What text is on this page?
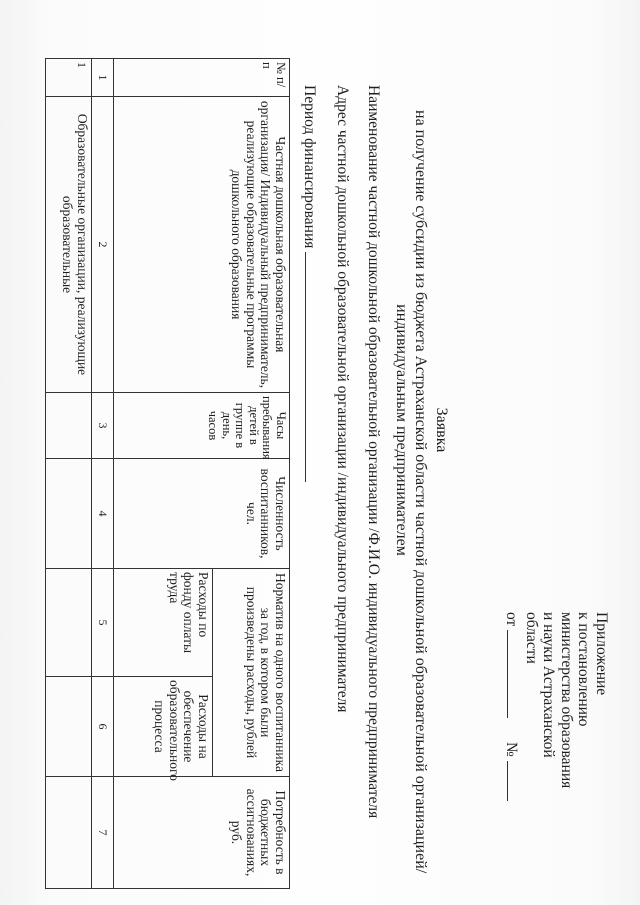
Приложение
к постановлению
министерства образования
и науки Астраханской
области
от   №
Заявка
на получение субсидии из бюджета Астраханской области частной дошкольной образовательной организацией/
индивидуальным предпринимателем
Наименование частной дошкольной образовательной организации /Ф.И.О. индивидуального предпринимателя
Адрес частной дошкольной образовательной организации /индивидуального предпринимателя
Период финансирования
№ п/п	Частная дошкольная образовательная организация/ Индивидуальный предприниматель, реализующие образовательные программы дошкольного образования	Часы пребывания детей в группе в день, часов	Численность воспитанников, чел.	Норматив на одного воспитанника за год, в котором были произведены расходы, рублей		Потребность в бюджетных ассигнованиях, руб.
				Расходы по фонду оплаты труда	Расходы на обеспечение образовательного процесса	
1	2	3	4	5	6	7
1	Образовательные организации, реализующие образовательные					
